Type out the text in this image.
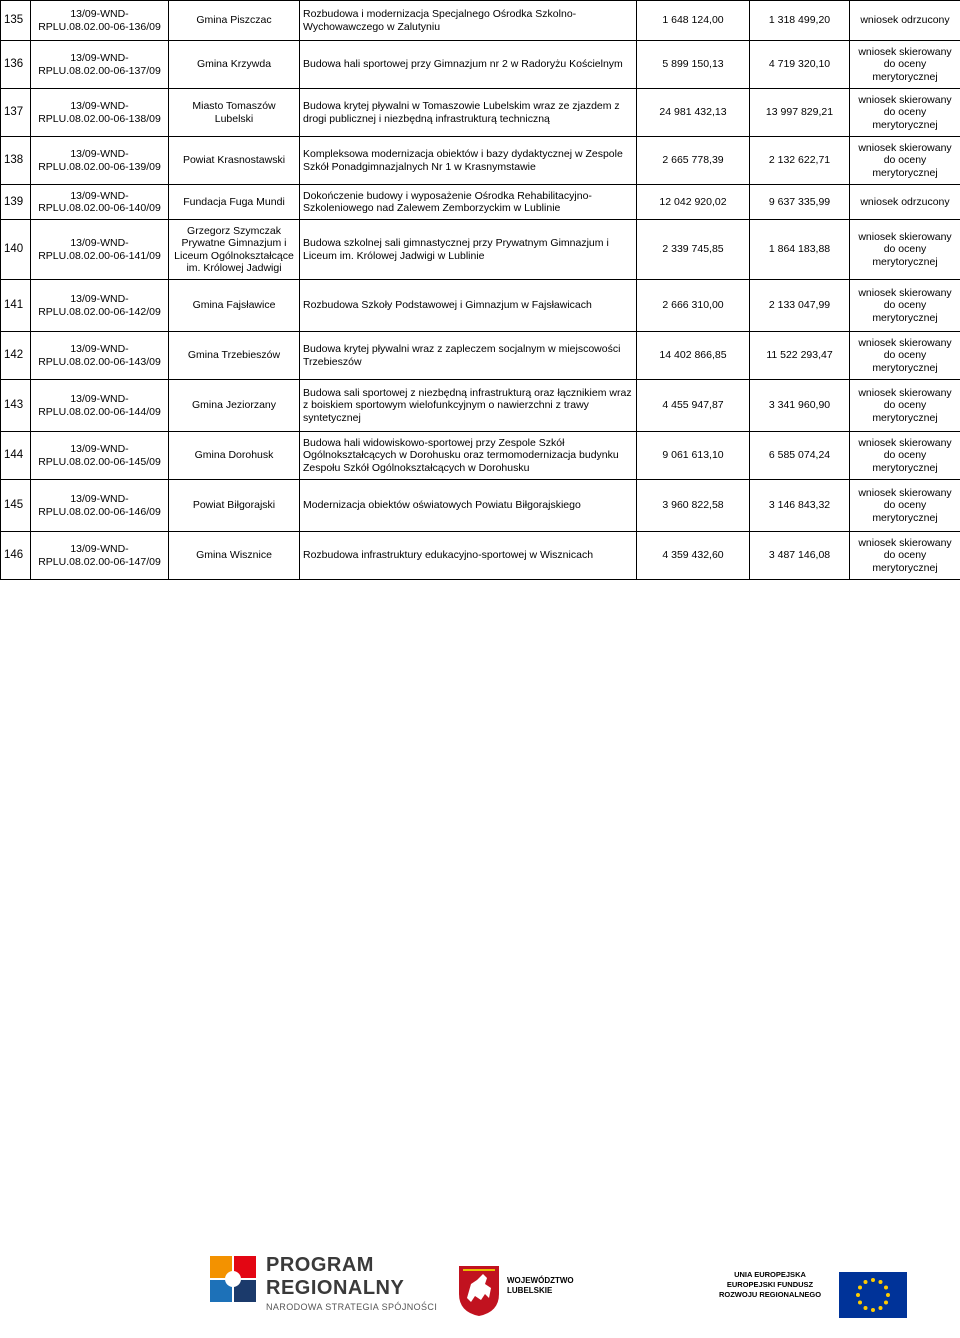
135	13/09-WND-RPLU.08.02.00-06-136/09	Gmina Piszczac	Rozbudowa i modernizacja Specjalnego Ośrodka Szkolno-Wychowawczego w Zalutyniu	1 648 124,00	1 318 499,20	wniosek odrzucony
136	13/09-WND-RPLU.08.02.00-06-137/09	Gmina Krzywda	Budowa hali sportowej przy Gimnazjum nr 2 w Radoryżu Kościelnym	5 899 150,13	4 719 320,10	wniosek skierowany do oceny merytorycznej
137	13/09-WND-RPLU.08.02.00-06-138/09	Miasto Tomaszów Lubelski	Budowa krytej pływalni w Tomaszowie Lubelskim wraz ze zjazdem z drogi publicznej i niezbędną infrastrukturą techniczną	24 981 432,13	13 997 829,21	wniosek skierowany do oceny merytorycznej
138	13/09-WND-RPLU.08.02.00-06-139/09	Powiat Krasnostawski	Kompleksowa modernizacja obiektów i bazy dydaktycznej w Zespole Szkół Ponadgimnazjalnych Nr 1 w Krasnymstawie	2 665 778,39	2 132 622,71	wniosek skierowany do oceny merytorycznej
139	13/09-WND-RPLU.08.02.00-06-140/09	Fundacja Fuga Mundi	Dokończenie budowy i wyposażenie Ośrodka Rehabilitacyjno-Szkoleniowego nad Zalewem Zemborzyckim w Lublinie	12 042 920,02	9 637 335,99	wniosek odrzucony
140	13/09-WND-RPLU.08.02.00-06-141/09	Grzegorz Szymczak Prywatne Gimnazjum i Liceum Ogólnokształcące im. Królowej Jadwigi	Budowa szkolnej sali gimnastycznej przy Prywatnym Gimnazjum i Liceum im. Królowej Jadwigi w Lublinie	2 339 745,85	1 864 183,88	wniosek skierowany do oceny merytorycznej
141	13/09-WND-RPLU.08.02.00-06-142/09	Gmina Fajsławice	Rozbudowa Szkoły Podstawowej i Gimnazjum w Fajsławicach	2 666 310,00	2 133 047,99	wniosek skierowany do oceny merytorycznej
142	13/09-WND-RPLU.08.02.00-06-143/09	Gmina Trzebieszów	Budowa krytej pływalni wraz z zapleczem socjalnym w miejscowości Trzebieszów	14 402 866,85	11 522 293,47	wniosek skierowany do oceny merytorycznej
143	13/09-WND-RPLU.08.02.00-06-144/09	Gmina Jeziorzany	Budowa sali sportowej z niezbędną infrastrukturą oraz łącznikiem wraz z boiskiem sportowym wielofunkcyjnym o nawierzchni z trawy syntetycznej	4 455 947,87	3 341 960,90	wniosek skierowany do oceny merytorycznej
144	13/09-WND-RPLU.08.02.00-06-145/09	Gmina Dorohusk	Budowa hali widowiskowo-sportowej przy Zespole Szkół Ogólnokształcących w Dorohusku oraz termomodernizacja budynku Zespołu Szkół Ogólnokształcących w Dorohusku	9 061 613,10	6 585 074,24	wniosek skierowany do oceny merytorycznej
145	13/09-WND-RPLU.08.02.00-06-146/09	Powiat Biłgorajski	Modernizacja obiektów oświatowych Powiatu Biłgorajskiego	3 960 822,58	3 146 843,32	wniosek skierowany do oceny merytorycznej
146	13/09-WND-RPLU.08.02.00-06-147/09	Gmina Wisznice	Rozbudowa infrastruktury edukacyjno-sportowej w Wisznicach	4 359 432,60	3 487 146,08	wniosek skierowany do oceny merytorycznej
PROGRAM
REGIONALNY
NARODOWA STRATEGIA SPÓJNOŚCI
WOJEWÓDZTWO
LUBELSKIE
UNIA EUROPEJSKA
EUROPEJSKI FUNDUSZ
ROZWOJU REGIONALNEGO
